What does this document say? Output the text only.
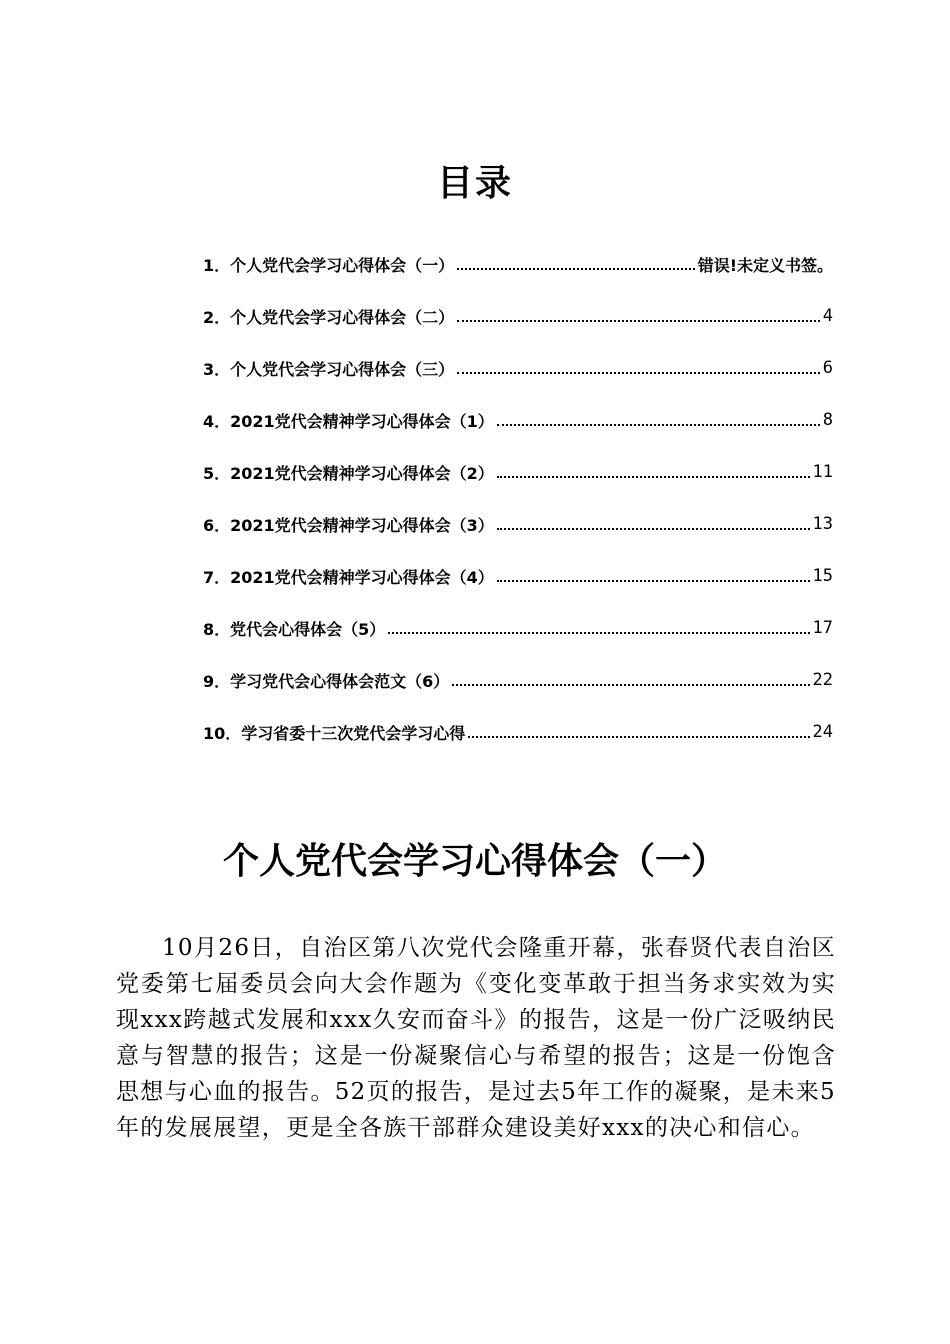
目录
1．个人党代会学习心得体会（一）	错误!未定义书签。
2．个人党代会学习心得体会（二）	4
3．个人党代会学习心得体会（三）	6
4．2021党代会精神学习心得体会（1）	8
5．2021党代会精神学习心得体会（2）	11
6．2021党代会精神学习心得体会（3）	13
7．2021党代会精神学习心得体会（4）	15
8．党代会心得体会（5）	17
9．学习党代会心得体会范文（6）	22
10．学习省委十三次党代会学习心得	24
个人党代会学习心得体会（一）

10月26日，自治区第八次党代会隆重开幕，张春贤代表自治区党委第七届委员会向大会作题为《变化变革敢于担当务求实效为实现xxx跨越式发展和xxx久安而奋斗》的报告，这是一份广泛吸纳民意与智慧的报告；这是一份凝聚信心与希望的报告；这是一份饱含思想与心血的报告。52页的报告，是过去5年工作的凝聚，是未来5年的发展展望，更是全各族干部群众建设美好xxx的决心和信心。
